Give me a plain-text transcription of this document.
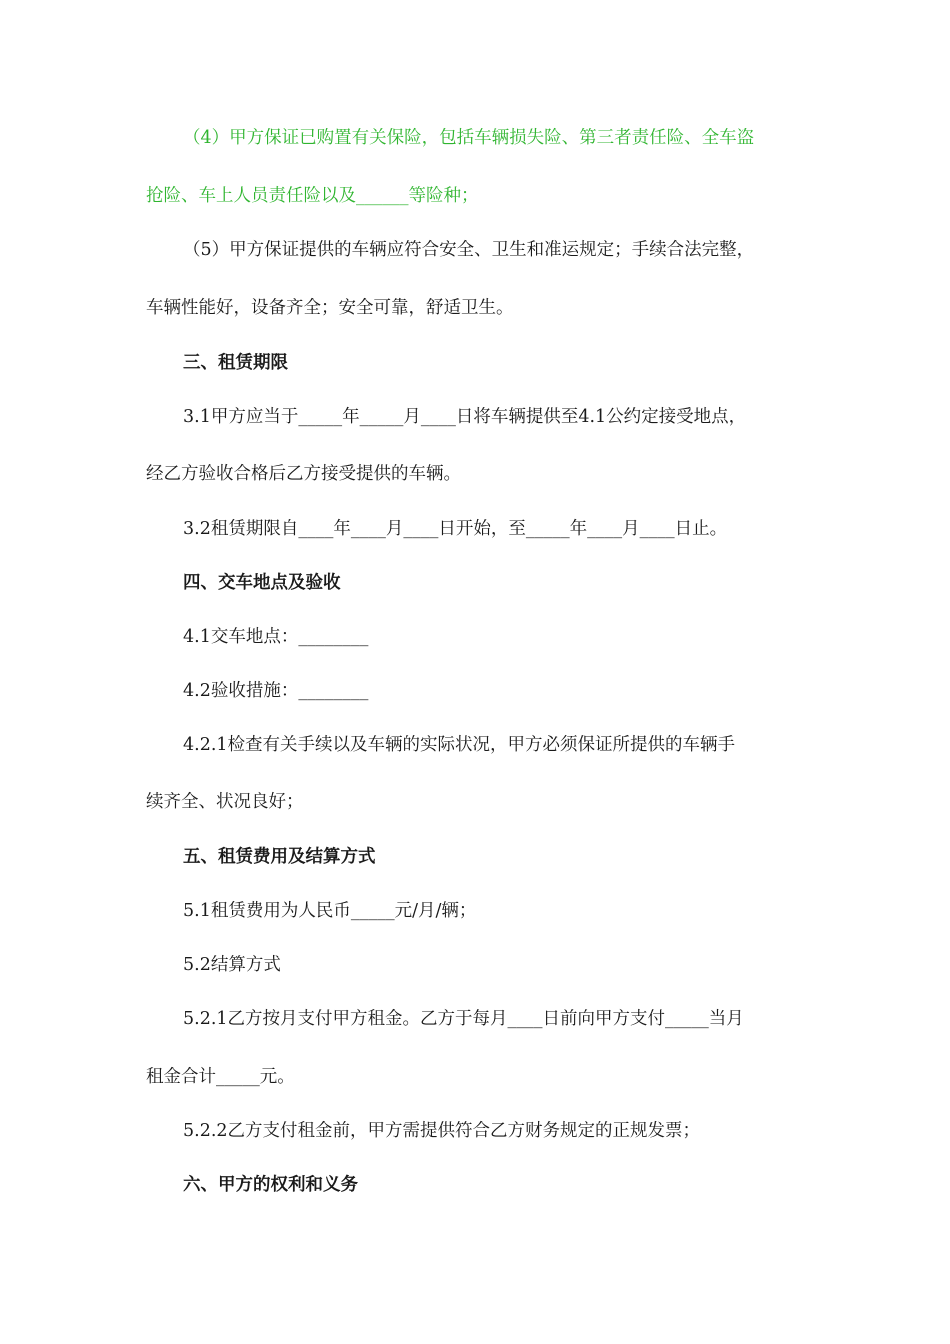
（4）甲方保证已购置有关保险，包括车辆损失险、第三者责任险、全车盗
抢险、车上人员责任险以及______等险种；
（5）甲方保证提供的车辆应符合安全、卫生和准运规定；手续合法完整，
车辆性能好，设备齐全；安全可靠，舒适卫生。
三、租赁期限
3.1甲方应当于_____年_____月____日将车辆提供至4.1公约定接受地点，
经乙方验收合格后乙方接受提供的车辆。
3.2租赁期限自____年____月____日开始，至_____年____月____日止。
四、交车地点及验收
4.1交车地点：________
4.2验收措施：________
4.2.1检查有关手续以及车辆的实际状况，甲方必须保证所提供的车辆手
续齐全、状况良好；
五、租赁费用及结算方式
5.1租赁费用为人民币_____元/月/辆；
5.2结算方式
5.2.1乙方按月支付甲方租金。乙方于每月____日前向甲方支付_____当月
租金合计_____元。
5.2.2乙方支付租金前，甲方需提供符合乙方财务规定的正规发票；
六、甲方的权利和义务
